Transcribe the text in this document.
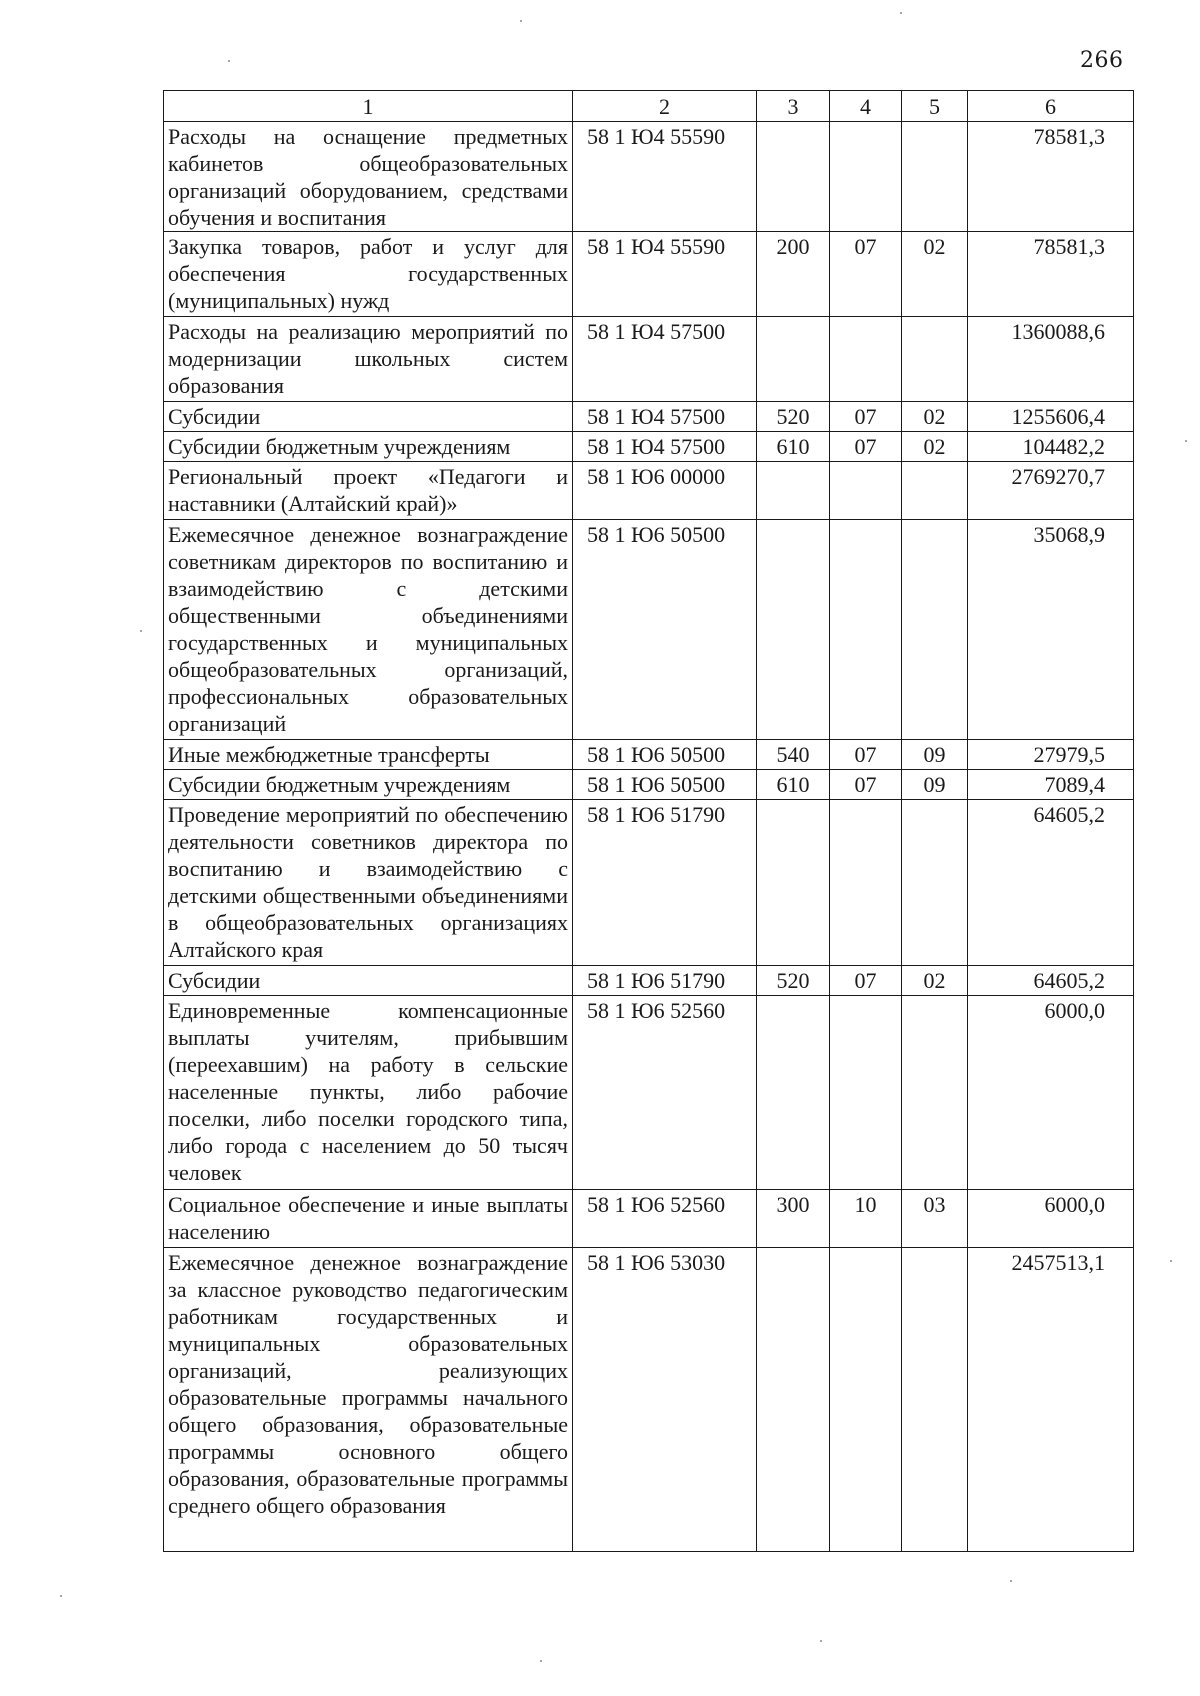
266
1	2	3	4	5	6
Расходы на оснащение предметных кабинетов общеобразовательных организаций оборудованием, средствами обучения и воспитания	58 1 Ю4 55590				78581,3
Закупка товаров, работ и услуг для обеспечения государственных (муниципальных) нужд	58 1 Ю4 55590	200	07	02	78581,3
Расходы на реализацию мероприятий по модернизации школьных систем образования	58 1 Ю4 57500				1360088,6
Субсидии	58 1 Ю4 57500	520	07	02	1255606,4
Субсидии бюджетным учреждениям	58 1 Ю4 57500	610	07	02	104482,2
Региональный проект «Педагоги и наставники (Алтайский край)»	58 1 Ю6 00000				2769270,7
Ежемесячное денежное вознаграждение советникам директоров по воспитанию и взаимодействию с детскими общественными объединениями государственных и муниципальных общеобразовательных организаций, профессиональных образовательных организаций	58 1 Ю6 50500				35068,9
Иные межбюджетные трансферты	58 1 Ю6 50500	540	07	09	27979,5
Субсидии бюджетным учреждениям	58 1 Ю6 50500	610	07	09	7089,4
Проведение мероприятий по обеспечению деятельности советников директора по воспитанию и взаимодействию с детскими общественными объединениями в общеобразовательных организациях Алтайского края	58 1 Ю6 51790				64605,2
Субсидии	58 1 Ю6 51790	520	07	02	64605,2
Единовременные компенсационные выплаты учителям, прибывшим (переехавшим) на работу в сельские населенные пункты, либо рабочие поселки, либо поселки городского типа, либо города с населением до 50 тысяч человек	58 1 Ю6 52560				6000,0
Социальное обеспечение и иные выплаты населению	58 1 Ю6 52560	300	10	03	6000,0
Ежемесячное денежное вознаграждение за классное руководство педагогическим работникам государственных и муниципальных образовательных организаций, реализующих образовательные программы начального общего образования, образовательные программы основного общего образования, образовательные программы среднего общего образования	58 1 Ю6 53030				2457513,1
